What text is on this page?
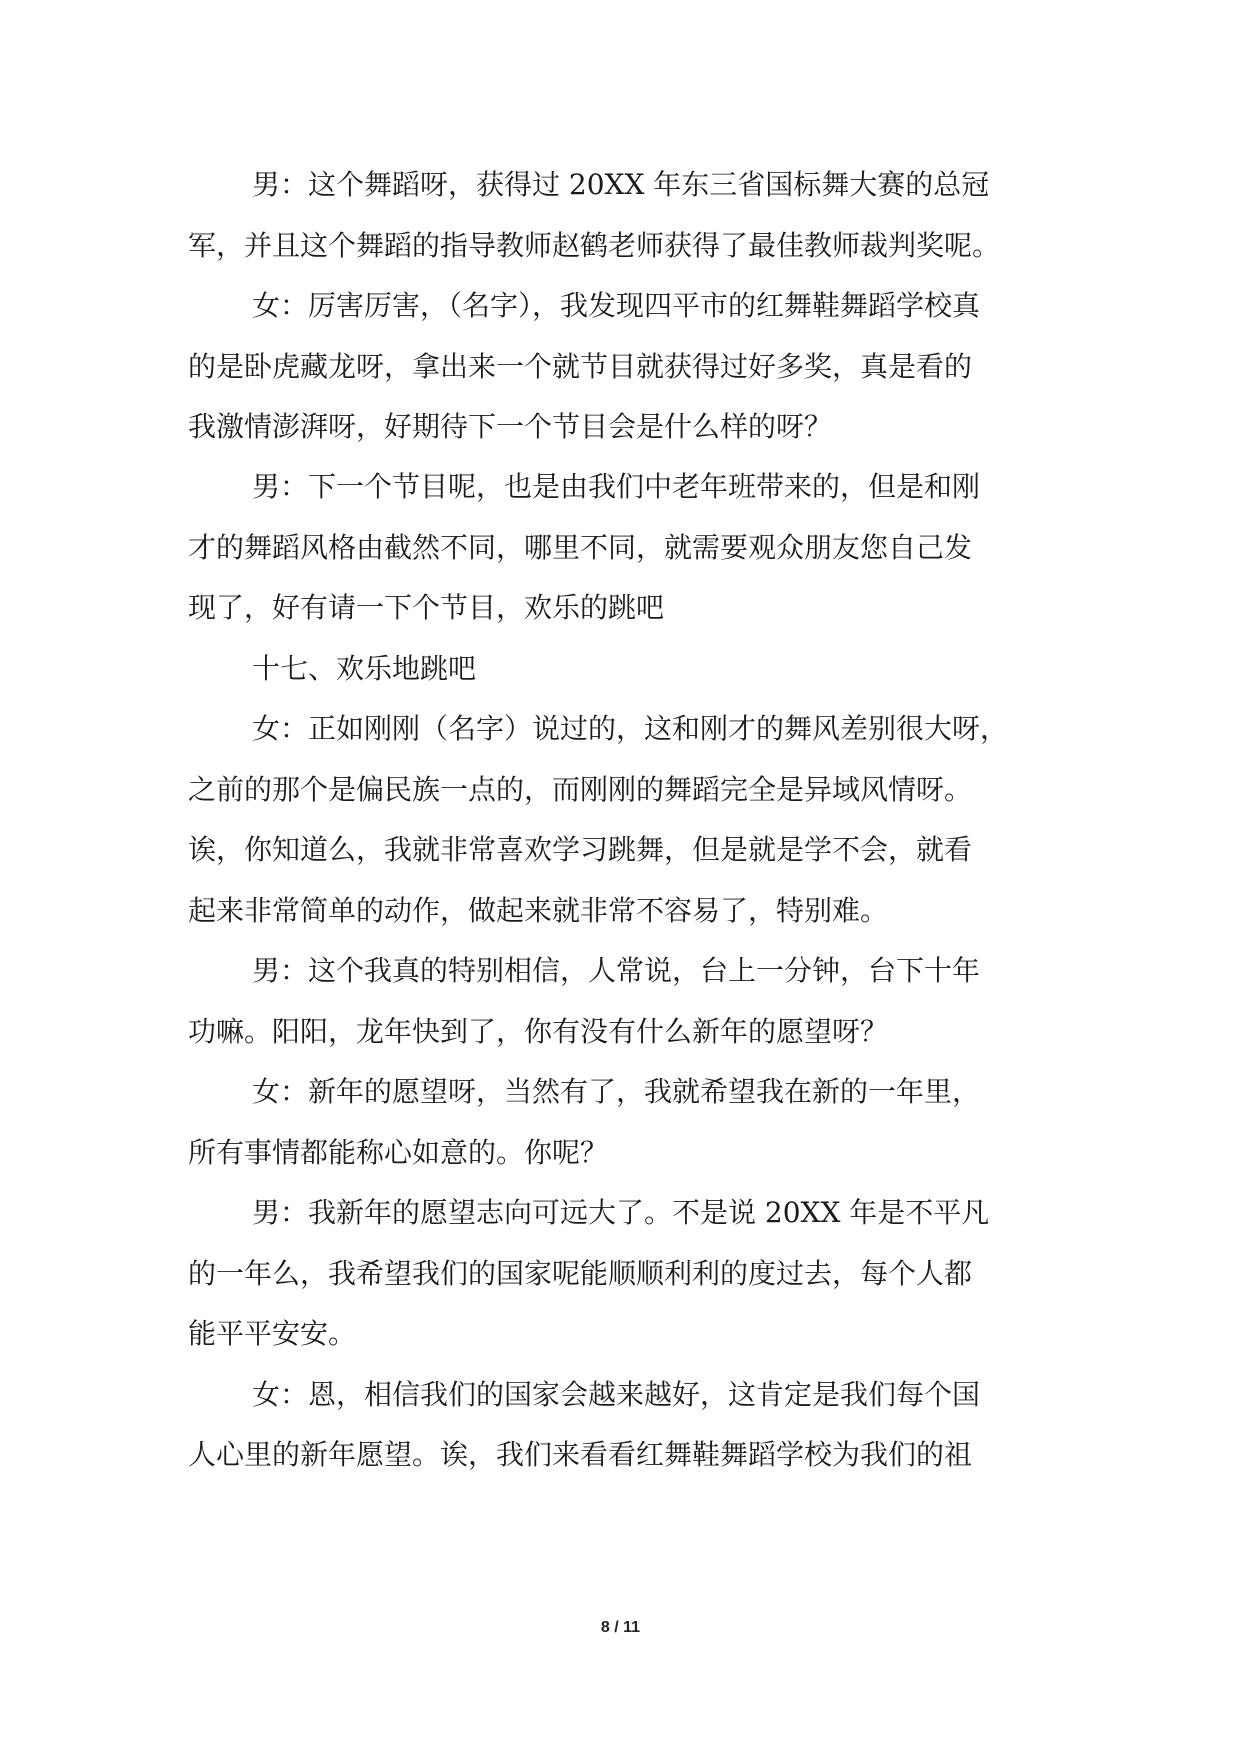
男：这个舞蹈呀，获得过 20XX 年东三省国标舞大赛的总冠
军，并且这个舞蹈的指导教师赵鹤老师获得了最佳教师裁判奖呢。
女：厉害厉害，（名字），我发现四平市的红舞鞋舞蹈学校真
的是卧虎藏龙呀，拿出来一个就节目就获得过好多奖，真是看的
我激情澎湃呀，好期待下一个节目会是什么样的呀？
男：下一个节目呢，也是由我们中老年班带来的，但是和刚
才的舞蹈风格由截然不同，哪里不同，就需要观众朋友您自己发
现了，好有请一下个节目，欢乐的跳吧
十七、欢乐地跳吧
女：正如刚刚（名字）说过的，这和刚才的舞风差别很大呀，
之前的那个是偏民族一点的，而刚刚的舞蹈完全是异域风情呀。
诶，你知道么，我就非常喜欢学习跳舞，但是就是学不会，就看
起来非常简单的动作，做起来就非常不容易了，特别难。
男：这个我真的特别相信，人常说，台上一分钟，台下十年
功嘛。阳阳，龙年快到了，你有没有什么新年的愿望呀？
女：新年的愿望呀，当然有了，我就希望我在新的一年里，
所有事情都能称心如意的。你呢？
男：我新年的愿望志向可远大了。不是说 20XX 年是不平凡
的一年么，我希望我们的国家呢能顺顺利利的度过去，每个人都
能平平安安。
女：恩，相信我们的国家会越来越好，这肯定是我们每个国
人心里的新年愿望。诶，我们来看看红舞鞋舞蹈学校为我们的祖
8 / 11
